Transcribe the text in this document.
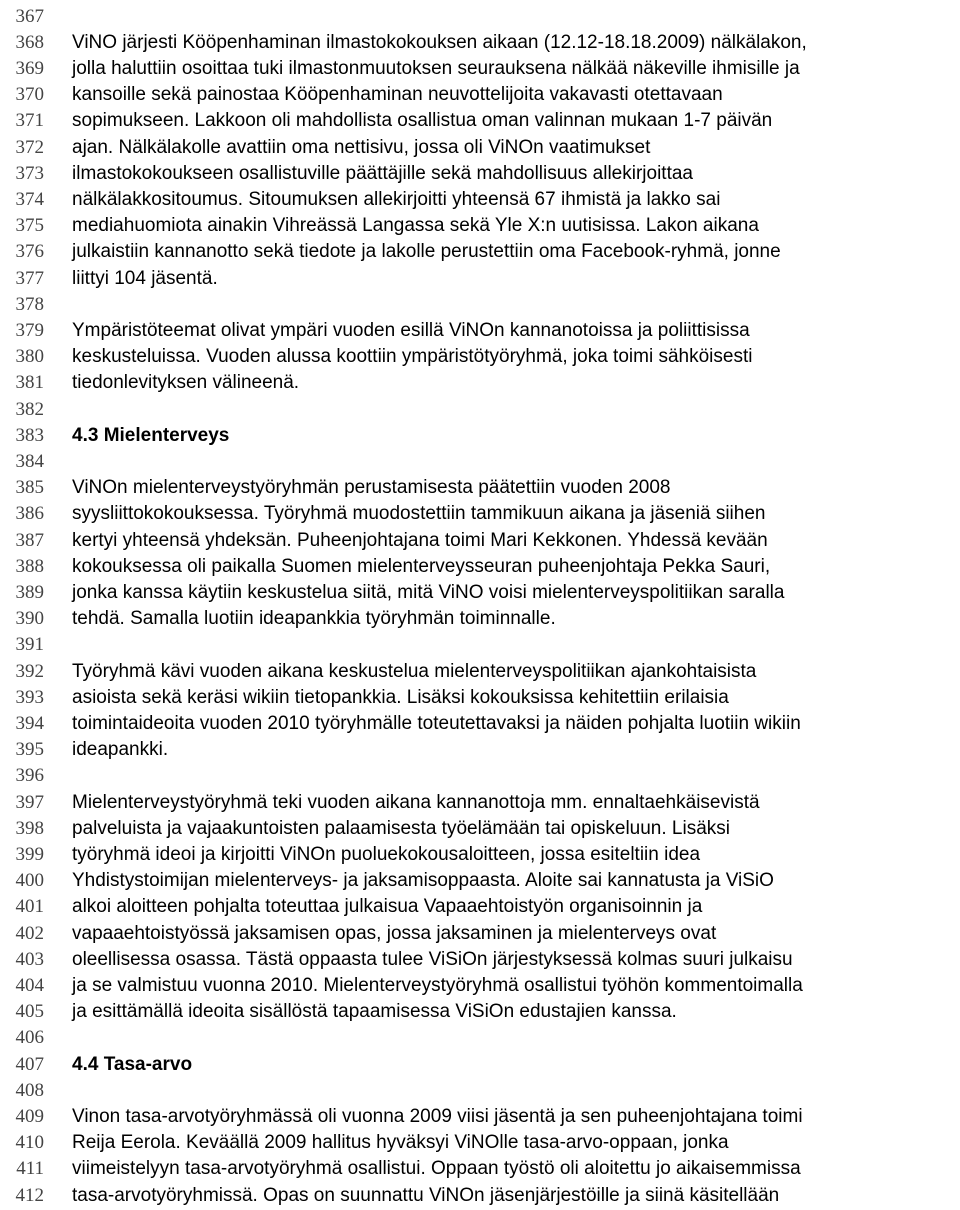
367
368 ViNO järjesti Kööpenhaminan ilmastokokouksen aikaan (12.12-18.18.2009) nälkälakon,
369 jolla haluttiin osoittaa tuki ilmastonmuutoksen seurauksena nälkää näkeville ihmisille ja
370 kansoille sekä painostaa Kööpenhaminan neuvottelijoita vakavasti otettavaan
371 sopimukseen. Lakkoon oli mahdollista osallistua oman valinnan mukaan 1-7 päivän
372 ajan. Nälkälakolle avattiin oma nettisivu, jossa oli ViNOn vaatimukset
373 ilmastokokoukseen osallistuville päättäjille sekä mahdollisuus allekirjoittaa
374 nälkälakkositoumus. Sitoumuksen allekirjoitti yhteensä 67 ihmistä ja lakko sai
375 mediahuomiota ainakin Vihreässä Langassa sekä Yle X:n uutisissa. Lakon aikana
376 julkaistiin kannanotto sekä tiedote ja lakolle perustettiin oma Facebook-ryhmä, jonne
377 liittyi 104 jäsentä.
378
379 Ympäristöteemat olivat ympäri vuoden esillä ViNOn kannanotoissa ja poliittisissa
380 keskusteluissa. Vuoden alussa koottiin ympäristötyöryhmä, joka toimi sähköisesti
381 tiedonlevityksen välineenä.
382
383 4.3 Mielenterveys
384
385 ViNOn mielenterveystyöryhmän perustamisesta päätettiin vuoden 2008
386 syysliittokokouksessa. Työryhmä muodostettiin tammikuun aikana ja jäseniä siihen
387 kertyi yhteensä yhdeksän. Puheenjohtajana toimi Mari Kekkonen. Yhdessä kevään
388 kokouksessa oli paikalla Suomen mielenterveysseuran puheenjohtaja Pekka Sauri,
389 jonka kanssa käytiin keskustelua siitä, mitä ViNO voisi mielenterveyspolitiikan saralla
390 tehdä. Samalla luotiin ideapankkia työryhmän toiminnalle.
391
392 Työryhmä kävi vuoden aikana keskustelua mielenterveyspolitiikan ajankohtaisista
393 asioista sekä keräsi wikiin tietopankkia. Lisäksi kokouksissa kehitettiin erilaisia
394 toimintaideoita vuoden 2010 työryhmälle toteutettavaksi ja näiden pohjalta luotiin wikiin
395 ideapankki.
396
397 Mielenterveystyöryhmä teki vuoden aikana kannanottoja mm. ennaltaehkäisevistä
398 palveluista ja vajaakuntoisten palaamisesta työelämään tai opiskeluun. Lisäksi
399 työryhmä ideoi ja kirjoitti ViNOn puoluekokousaloitteen, jossa esiteltiin idea
400 Yhdistystoimijan mielenterveys- ja jaksamisoppaasta. Aloite sai kannatusta ja ViSiO
401 alkoi aloitteen pohjalta toteuttaa julkaisua Vapaaehtoistyön organisoinnin ja
402 vapaaehtoistyössä jaksamisen opas, jossa jaksaminen ja mielenterveys ovat
403 oleellisessa osassa. Tästä oppaasta tulee ViSiOn järjestyksessä kolmas suuri julkaisu
404 ja se valmistuu vuonna 2010. Mielenterveystyöryhmä osallistui työhön kommentoimalla
405 ja esittämällä ideoita sisällöstä tapaamisessa ViSiOn edustajien kanssa.
406
407 4.4 Tasa-arvo
408
409 Vinon tasa-arvotyöryhmässä oli vuonna 2009 viisi jäsentä ja sen puheenjohtajana toimi
410 Reija Eerola. Keväällä 2009 hallitus hyväksyi ViNOlle tasa-arvo-oppaan, jonka
411 viimeistelyyn tasa-arvotyöryhmä osallistui. Oppaan työstö oli aloitettu jo aikaisemmissa
412 tasa-arvotyöryhmissä. Opas on suunnattu ViNOn jäsenjärjestöille ja siinä käsitellään
